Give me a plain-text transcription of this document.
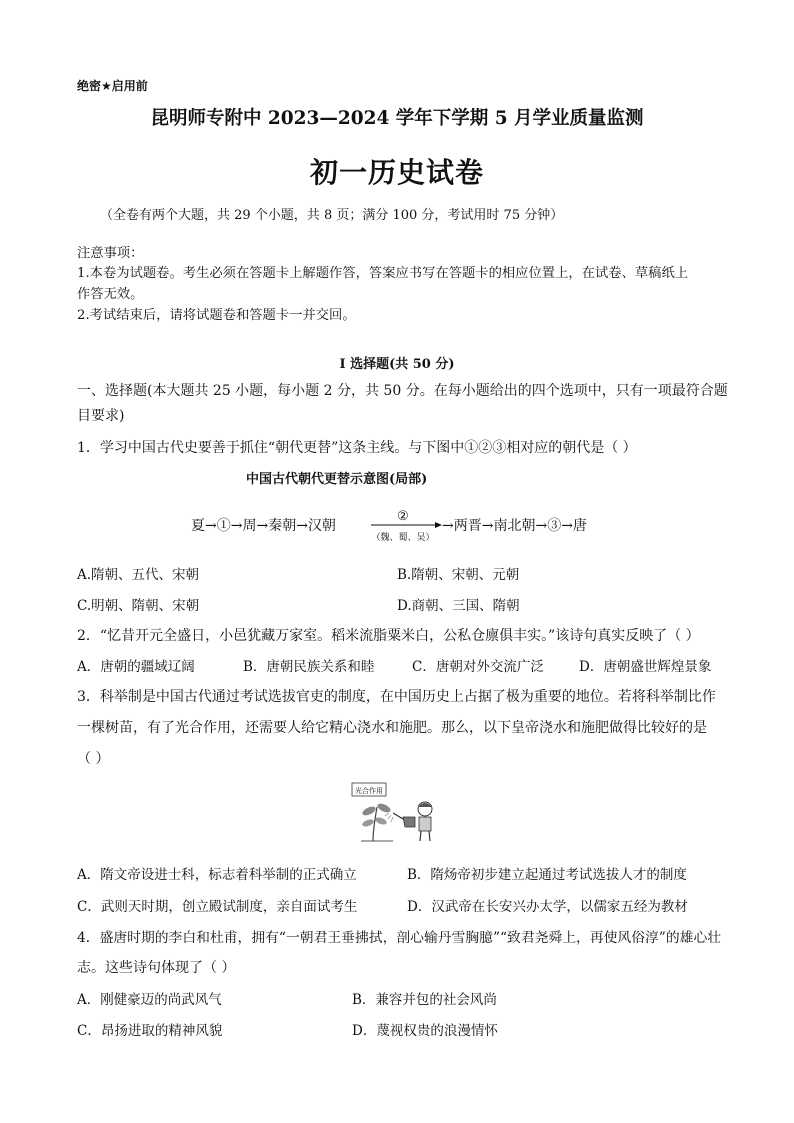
绝密★启用前
昆明师专附中 2023—2024 学年下学期 5 月学业质量监测
初一历史试卷
（全卷有两个大题，共 29 个小题，共 8 页；满分 100 分，考试用时 75 分钟）
注意事项：
1.本卷为试题卷。考生必须在答题卡上解题作答，答案应书写在答题卡的相应位置上，在试卷、草稿纸上
作答无效。
2.考试结束后，请将试题卷和答题卡一并交回。
Ⅰ 选择题(共 50 分)
一、选择题(本大题共 25 小题，每小题 2 分，共 50 分。在每小题给出的四个选项中，只有一项最符合题
目要求)
1．学习中国古代史要善于抓住“朝代更替”这条主线。与下图中①②③相对应的朝代是（ ）
中国古代朝代更替示意图(局部)
夏→①→周→秦朝→汉朝
②
（魏、蜀、吴）
→两晋→南北朝→③→唐
A.隋朝、五代、宋朝	B.隋朝、宋朝、元朝
C.明朝、隋朝、宋朝	D.商朝、三国、隋朝
2．“忆昔开元全盛日，小邑犹藏万家室。稻米流脂粟米白，公私仓廪俱丰实。”该诗句真实反映了（ ）
A．唐朝的疆域辽阔	B．唐朝民族关系和睦	C．唐朝对外交流广泛	D．唐朝盛世辉煌景象
3．科举制是中国古代通过考试选拔官吏的制度，在中国历史上占据了极为重要的地位。若将科举制比作
一棵树苗，有了光合作用，还需要人给它精心浇水和施肥。那么，以下皇帝浇水和施肥做得比较好的是
（ ）
光合作用
A．隋文帝设进士科，标志着科举制的正式确立	B．隋炀帝初步建立起通过考试选拔人才的制度
C．武则天时期，创立殿试制度，亲自面试考生	D．汉武帝在长安兴办太学，以儒家五经为教材
4．盛唐时期的李白和杜甫，拥有“一朝君王垂拂拭，剖心输丹雪胸臆”“致君尧舜上，再使风俗淳”的雄心壮
志。这些诗句体现了（ ）
A．刚健豪迈的尚武风气	B．兼容并包的社会风尚
C．昂扬进取的精神风貌	D．蔑视权贵的浪漫情怀
